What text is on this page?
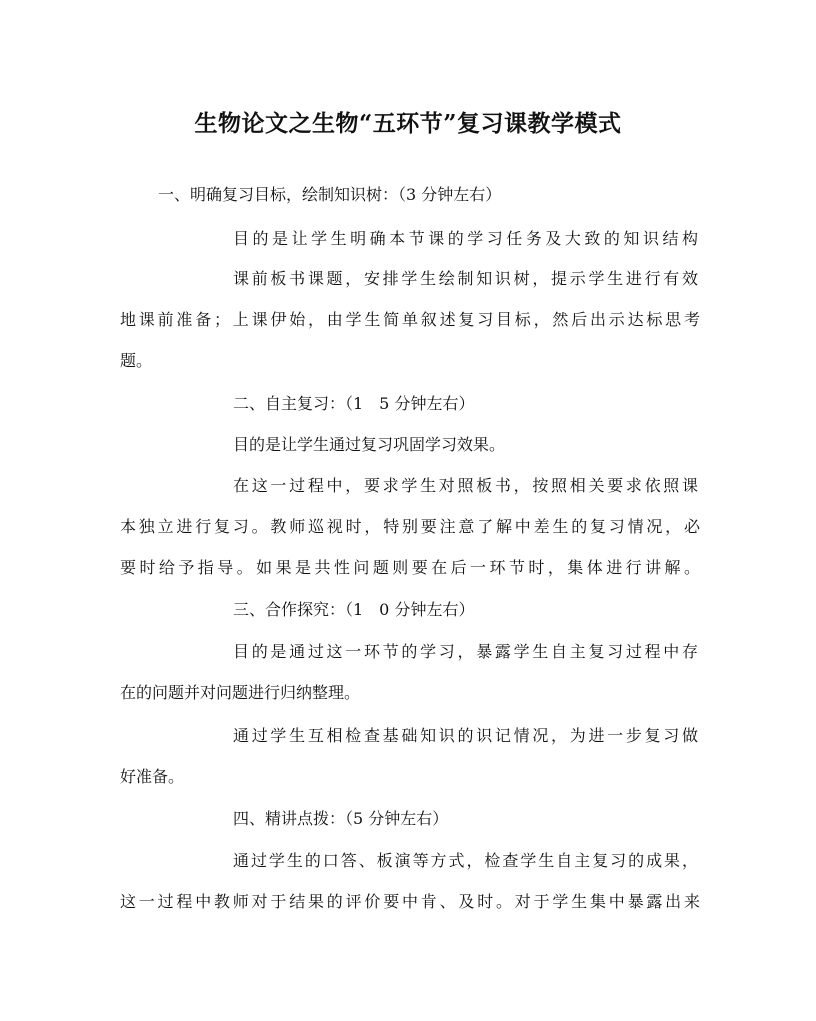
生物论文之生物“五环节”复习课教学模式

一、明确复习目标，绘制知识树：（3 分钟左右）

目的是让学生明确本节课的学习任务及大致的知识结构

课前板书课题，安排学生绘制知识树，提示学生进行有效

地课前准备；上课伊始，由学生简单叙述复习目标，然后出示达标思考

题。

二、自主复习：（1　5 分钟左右）

目的是让学生通过复习巩固学习效果。

在这一过程中，要求学生对照板书，按照相关要求依照课

本独立进行复习。教师巡视时，特别要注意了解中差生的复习情况，必

要时给予指导。如果是共性问题则要在后一环节时，集体进行讲解。

三、合作探究：（1　0 分钟左右）

目的是通过这一环节的学习，暴露学生自主复习过程中存

在的问题并对问题进行归纳整理。

通过学生互相检查基础知识的识记情况，为进一步复习做

好准备。

四、精讲点拨：（5 分钟左右）

通过学生的口答、板演等方式，检查学生自主复习的成果，

这一过程中教师对于结果的评价要中肯、及时。对于学生集中暴露出来
